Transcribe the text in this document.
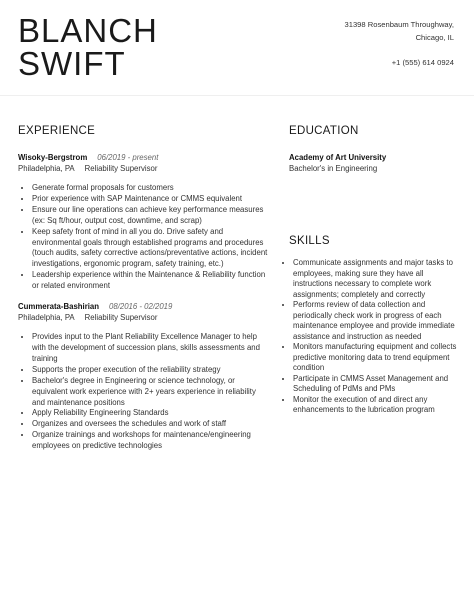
BLANCH
SWIFT
31398 Rosenbaum Throughway,
Chicago, IL
+1 (555) 614 0924
EXPERIENCE	EDUCATION
SKILLS
Wisoky-Bergstrom 06/2019 - present
Philadelphia, PA Reliability Supervisor
• Generate formal proposals for customers
• Prior experience with SAP Maintenance or CMMS equivalent
• Ensure our line operations can achieve key performance measures (ex: Sq ft/hour, output cost, downtime, and scrap)
• Keep safety front of mind in all you do. Drive safety and environmental goals through established programs and procedures (touch audits, safety corrective actions/preventative actions, incident investigations, ergonomic program, safety training, etc.)
• Leadership experience within the Maintenance & Reliability function or related environment
Cummerata-Bashirian 08/2016 - 02/2019
Philadelphia, PA Reliability Supervisor
• Provides input to the Plant Reliability Excellence Manager to help with the development of succession plans, skills assessments and training
• Supports the proper execution of the reliability strategy
• Bachelor's degree in Engineering or science technology, or equivalent work experience with 2+ years experience in reliability and maintenance positions
• Apply Reliability Engineering Standards
• Organizes and oversees the schedules and work of staff
• Organize trainings and workshops for maintenance/engineering employees on predictive technologies
Academy of Art University
Bachelor's in Engineering
• Communicate assignments and major tasks to employees, making sure they have all instructions necessary to complete work assignments; completely and correctly
• Performs review of data collection and periodically check work in progress of each maintenance employee and provide immediate assistance and instruction as needed
• Monitors manufacturing equipment and collects predictive monitoring data to trend equipment condition
• Participate in CMMS Asset Management and Scheduling of PdMs and PMs
• Monitor the execution of and direct any enhancements to the lubrication program
